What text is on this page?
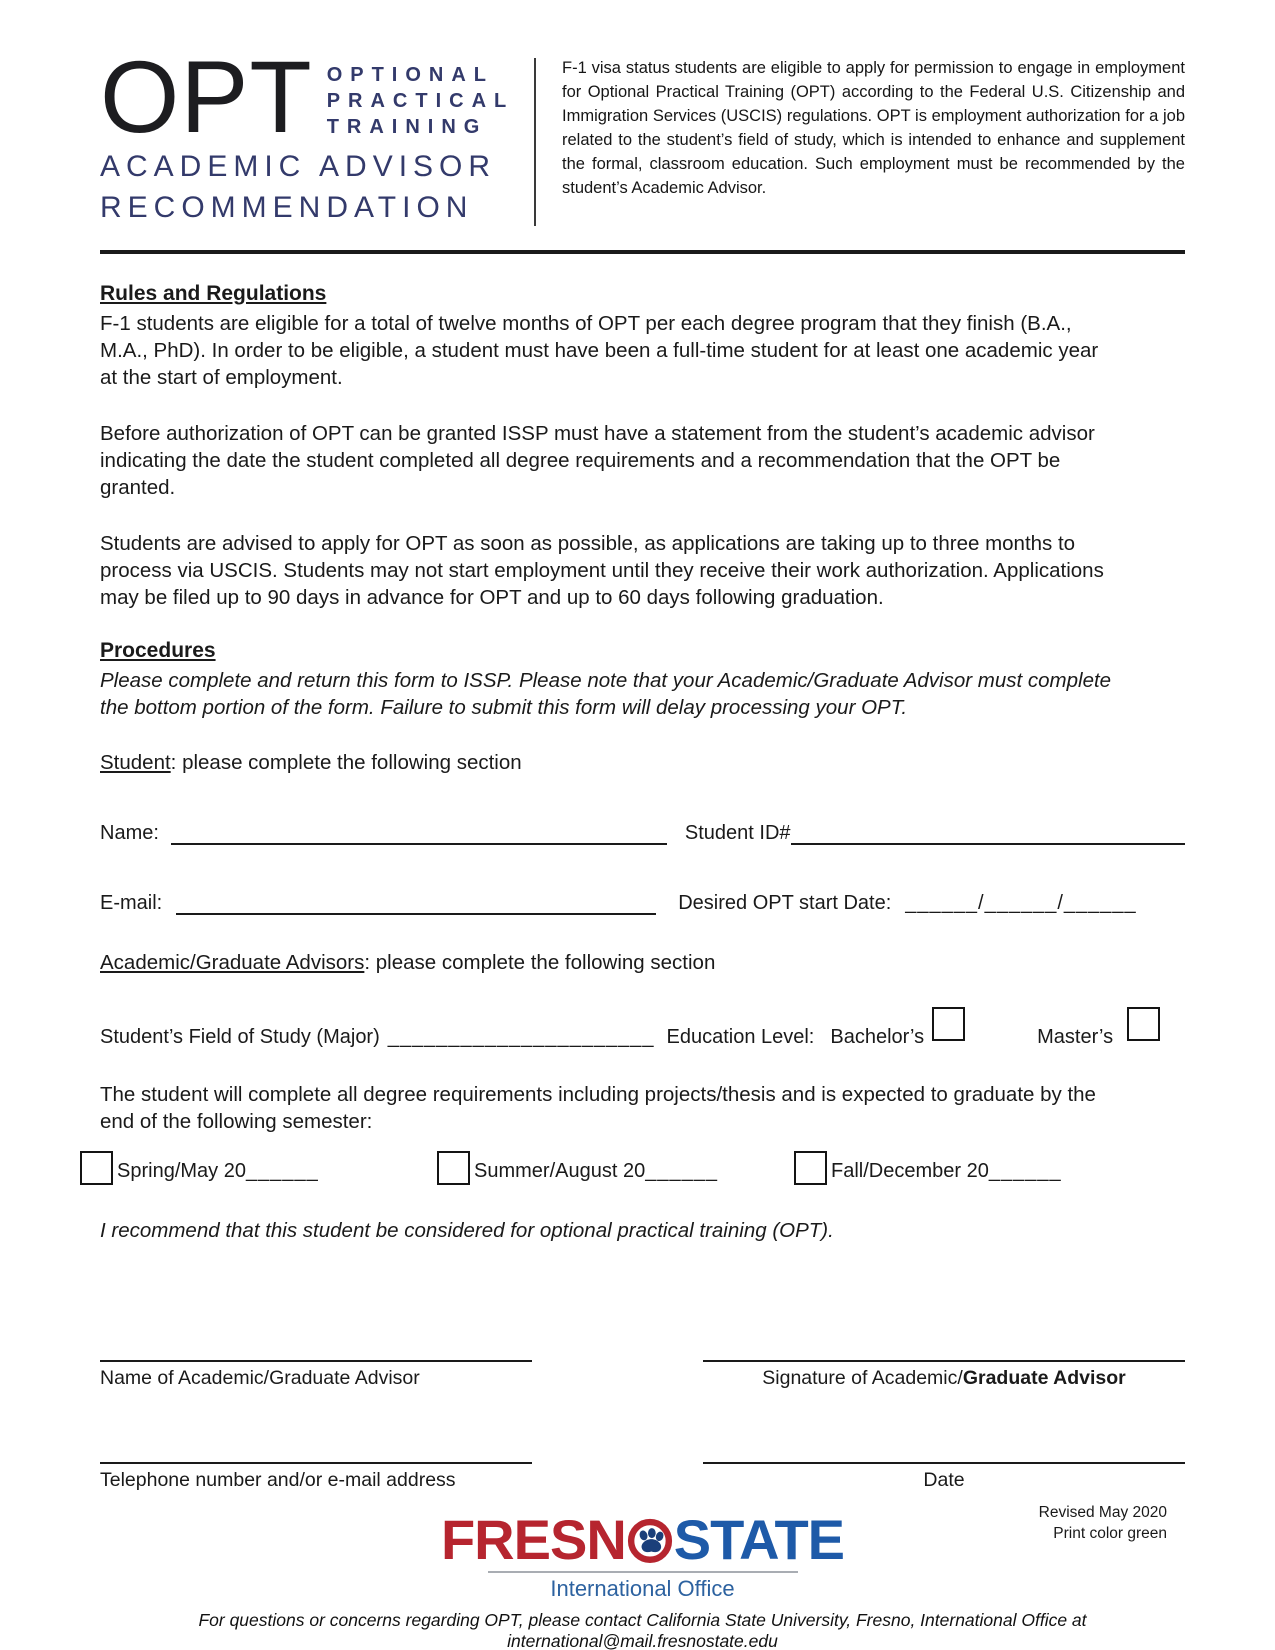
OPT OPTIONAL
PRACTICAL
TRAINING
ACADEMIC ADVISOR
RECOMMENDATION
F-1 visa status students are eligible to apply for permission to engage in employment for Optional Practical Training (OPT) according to the Federal U.S. Citizenship and Immigration Services (USCIS) regulations. OPT is employment authorization for a job related to the student’s field of study, which is intended to enhance and supplement the formal, classroom education. Such employment must be recommended by the student’s Academic Advisor.
Rules and Regulations

F-1 students are eligible for a total of twelve months of OPT per each degree program that they finish (B.A., M.A., PhD). In order to be eligible, a student must have been a full-time student for at least one academic year at the start of employment.

Before authorization of OPT can be granted ISSP must have a statement from the student’s academic advisor indicating the date the student completed all degree requirements and a recommendation that the OPT be granted.

Students are advised to apply for OPT as soon as possible, as applications are taking up to three months to process via USCIS. Students may not start employment until they receive their work authorization. Applications may be filed up to 90 days in advance for OPT and up to 60 days following graduation.

Procedures

Please complete and return this form to ISSP. Please note that your Academic/Graduate Advisor must complete the bottom portion of the form. Failure to submit this form will delay processing your OPT.

Student: please complete the following section
Name:	Student ID#
E-mail:	Desired OPT start Date: ______/______/______
Academic/Graduate Advisors: please complete the following section
Student’s Field of Study (Major) ______________________ Education Level: Bachelor’s	Master’s

The student will complete all degree requirements including projects/thesis and is expected to graduate by the end of the following semester:

Spring/May 20 ______	Summer/August 20 ______	Fall/December 20 ______

I recommend that this student be considered for optional practical training (OPT).

Name of Academic/Graduate Advisor	Signature of Academic/Graduate Advisor
Telephone number and/or e-mail address	Date
FRESN STATE
International Office
For questions or concerns regarding OPT, please contact California State University, Fresno, International Office at international@mail.fresnostate.edu
Revised May 2020
Print color green
